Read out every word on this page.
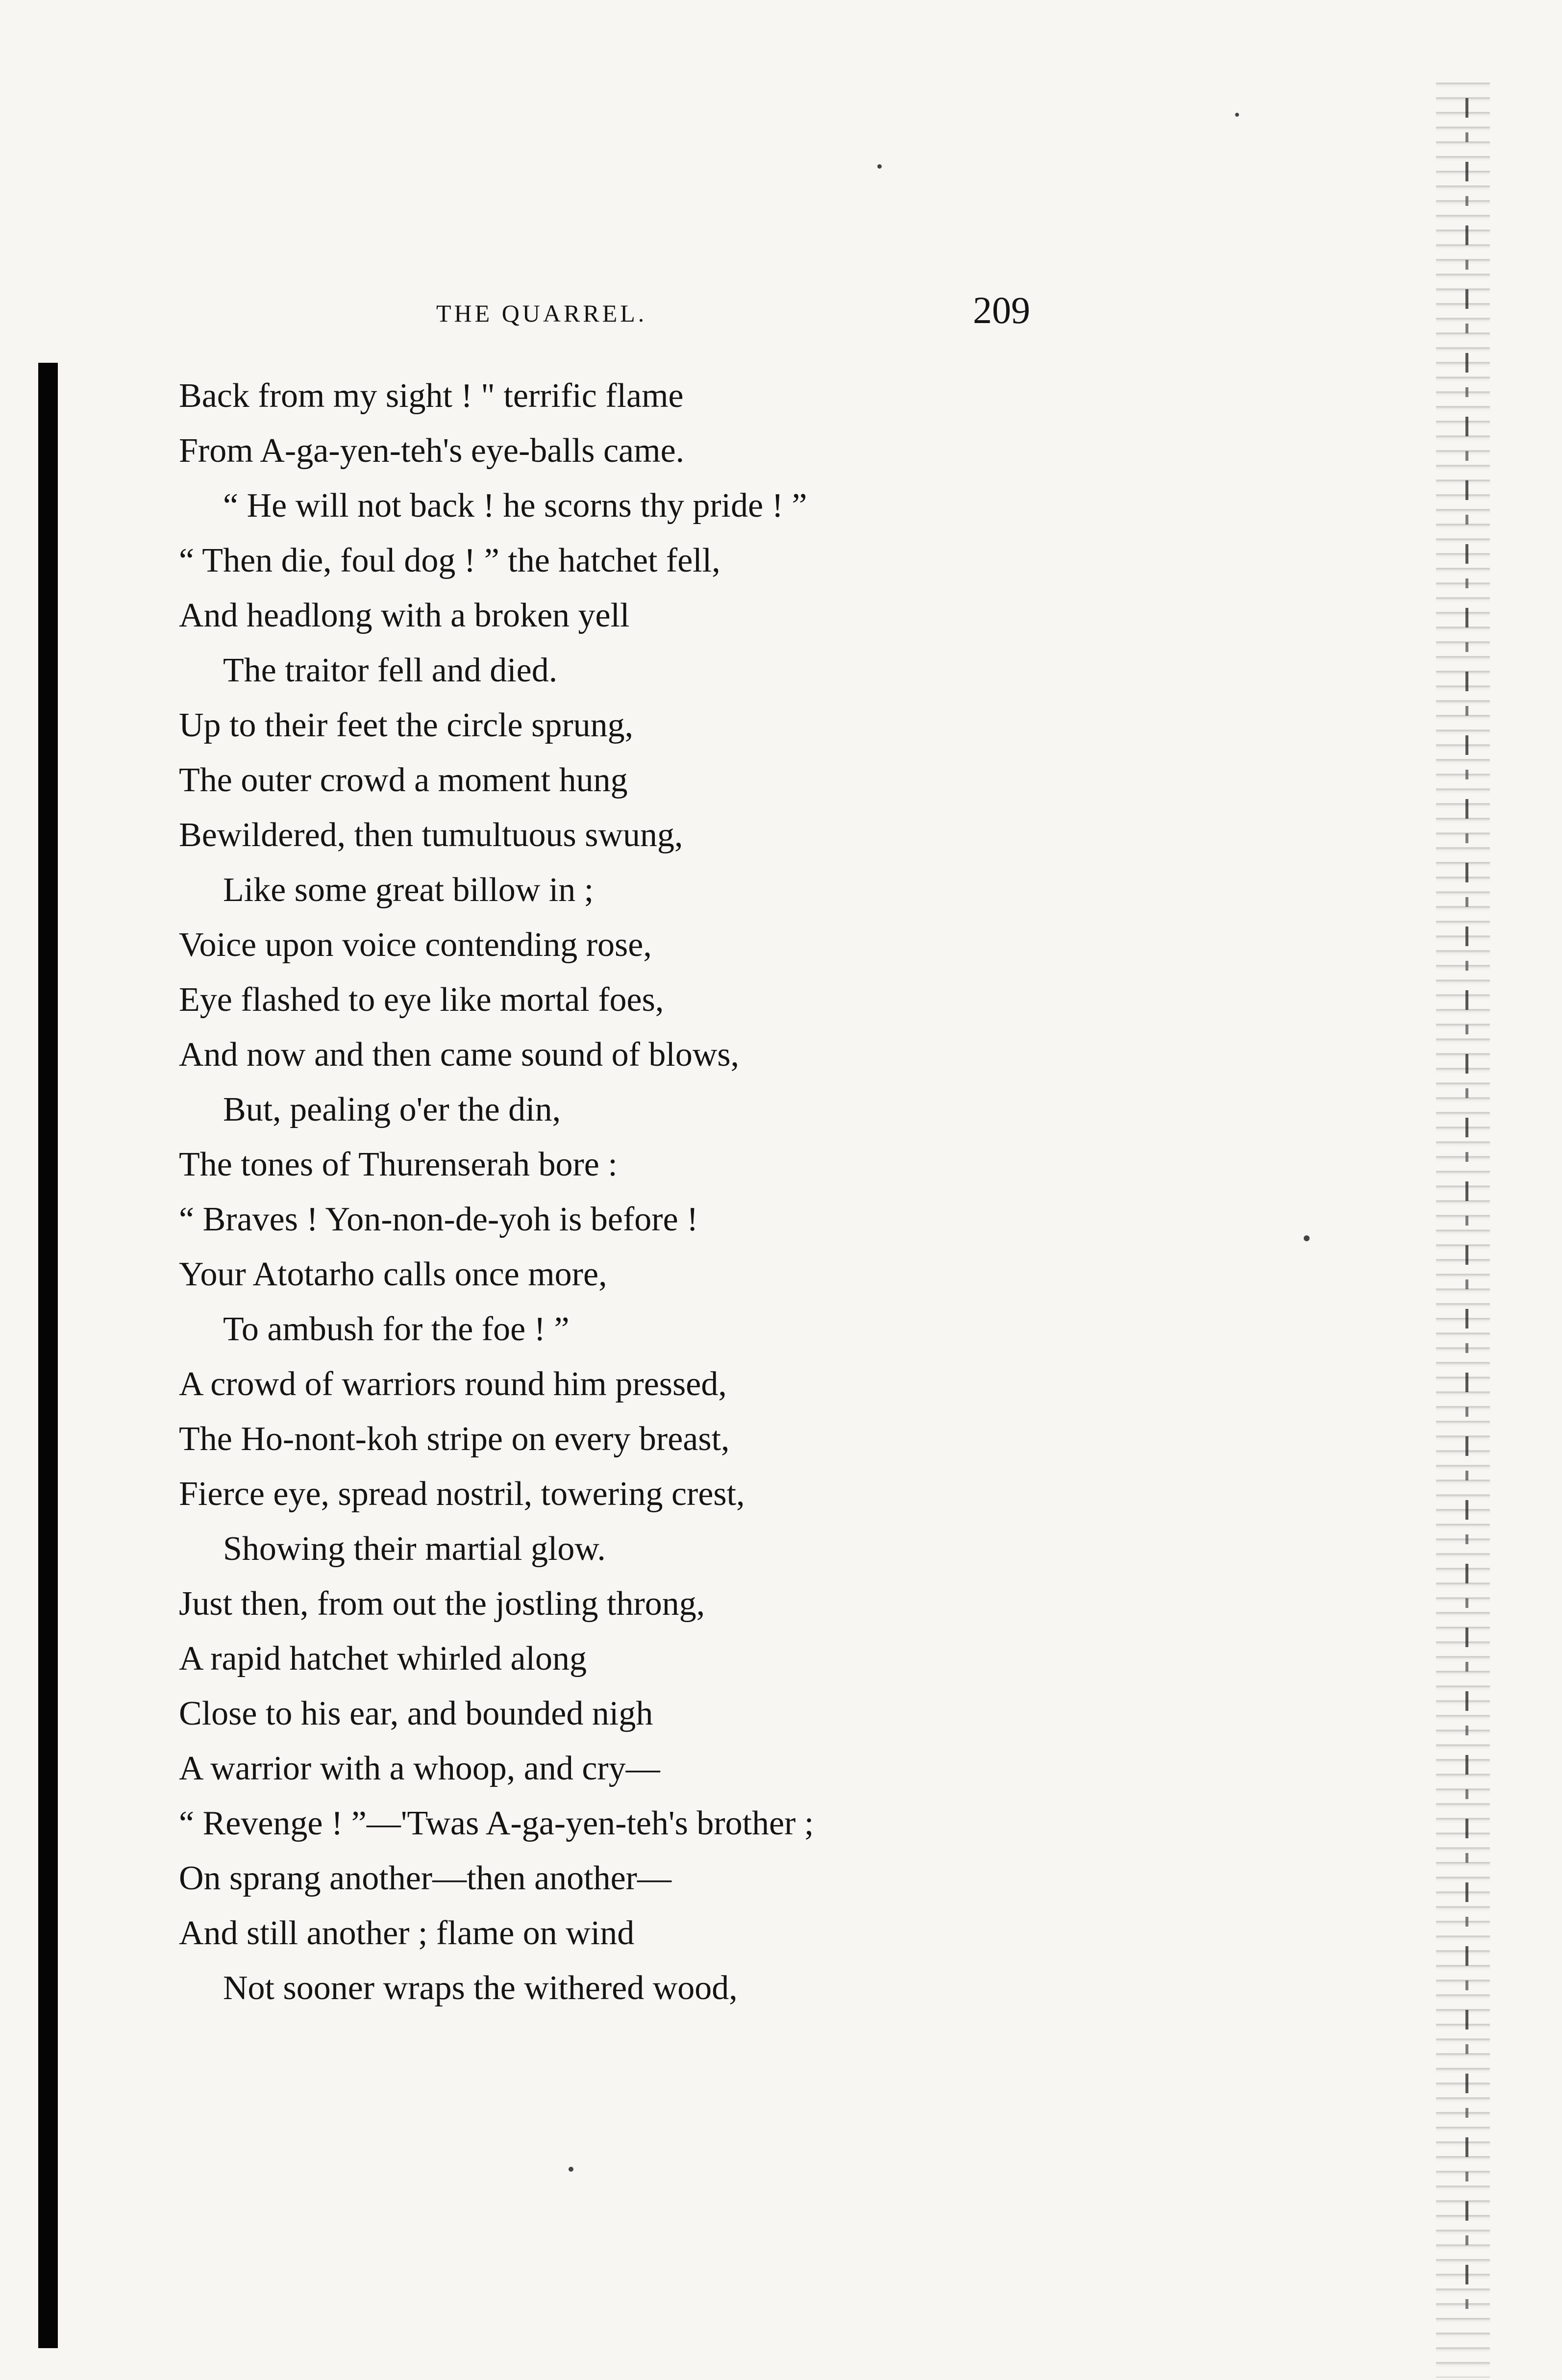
THE QUARREL.	209
Back from my sight ! " terrific flame
From A-ga-yen-teh's eye-balls came.
“ He will not back ! he scorns thy pride ! ”
“ Then die, foul dog ! ” the hatchet fell,
And headlong with a broken yell
The traitor fell and died.
Up to their feet the circle sprung,
The outer crowd a moment hung
Bewildered, then tumultuous swung,
Like some great billow in ;
Voice upon voice contending rose,
Eye flashed to eye like mortal foes,
And now and then came sound of blows,
But, pealing o'er the din,
The tones of Thurenserah bore :
“ Braves ! Yon-non-de-yoh is before !
Your Atotarho calls once more,
To ambush for the foe ! ”
A crowd of warriors round him pressed,
The Ho-nont-koh stripe on every breast,
Fierce eye, spread nostril, towering crest,
Showing their martial glow.
Just then, from out the jostling throng,
A rapid hatchet whirled along
Close to his ear, and bounded nigh
A warrior with a whoop, and cry—
“ Revenge ! ”—'Twas A-ga-yen-teh's brother ;
On sprang another—then another—
And still another ; flame on wind
Not sooner wraps the withered wood,
